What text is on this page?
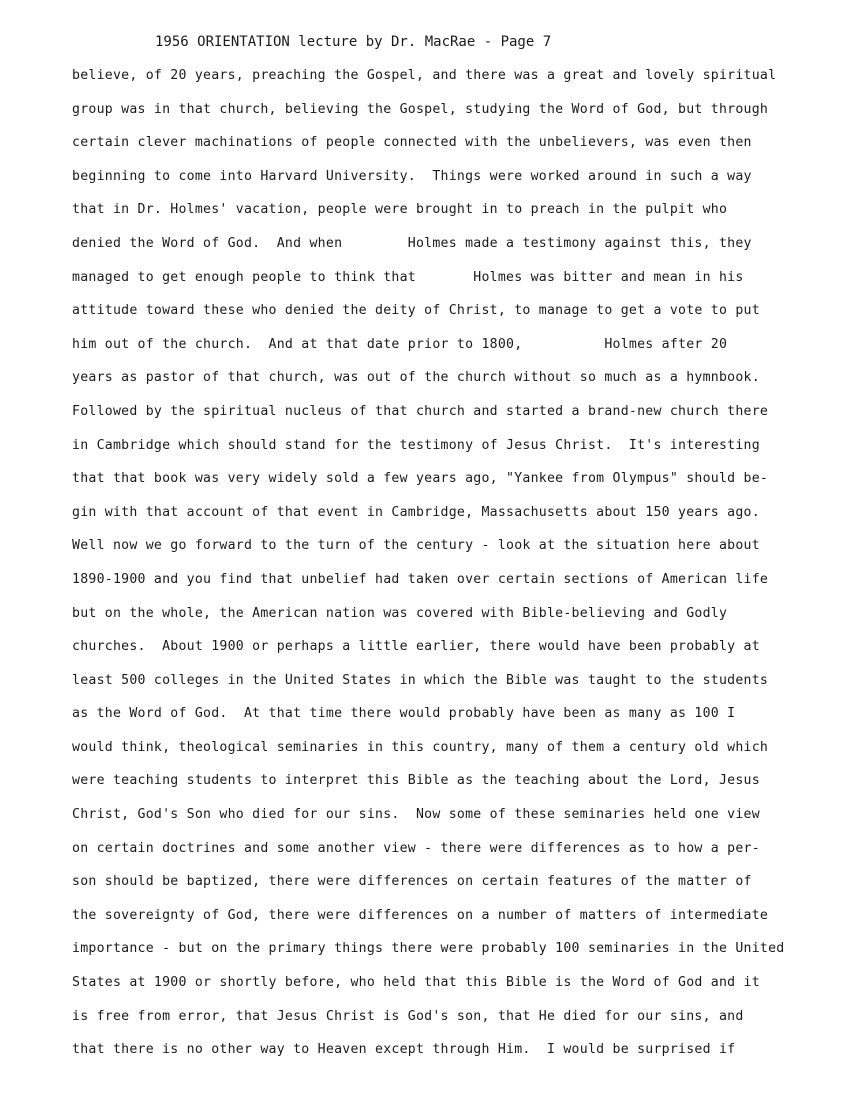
1956 ORIENTATION lecture by Dr. MacRae - Page 7
believe, of 20 years, preaching the Gospel, and there was a great and lovely spiritual
group was in that church, believing the Gospel, studying the Word of God, but through
certain clever machinations of people connected with the unbelievers, was even then
beginning to come into Harvard University.  Things were worked around in such a way
that in Dr. Holmes' vacation, people were brought in to preach in the pulpit who
denied the Word of God.  And when        Holmes made a testimony against this, they
managed to get enough people to think that       Holmes was bitter and mean in his
attitude toward these who denied the deity of Christ, to manage to get a vote to put
him out of the church.  And at that date prior to 1800,          Holmes after 20
years as pastor of that church, was out of the church without so much as a hymnbook.
Followed by the spiritual nucleus of that church and started a brand-new church there
in Cambridge which should stand for the testimony of Jesus Christ.  It's interesting
that that book was very widely sold a few years ago, "Yankee from Olympus" should be-
gin with that account of that event in Cambridge, Massachusetts about 150 years ago.
Well now we go forward to the turn of the century - look at the situation here about
1890-1900 and you find that unbelief had taken over certain sections of American life
but on the whole, the American nation was covered with Bible-believing and Godly
churches.  About 1900 or perhaps a little earlier, there would have been probably at
least 500 colleges in the United States in which the Bible was taught to the students
as the Word of God.  At that time there would probably have been as many as 100 I
would think, theological seminaries in this country, many of them a century old which
were teaching students to interpret this Bible as the teaching about the Lord, Jesus
Christ, God's Son who died for our sins.  Now some of these seminaries held one view
on certain doctrines and some another view - there were differences as to how a per-
son should be baptized, there were differences on certain features of the matter of
the sovereignty of God, there were differences on a number of matters of intermediate
importance - but on the primary things there were probably 100 seminaries in the United
States at 1900 or shortly before, who held that this Bible is the Word of God and it
is free from error, that Jesus Christ is God's son, that He died for our sins, and
that there is no other way to Heaven except through Him.  I would be surprised if
